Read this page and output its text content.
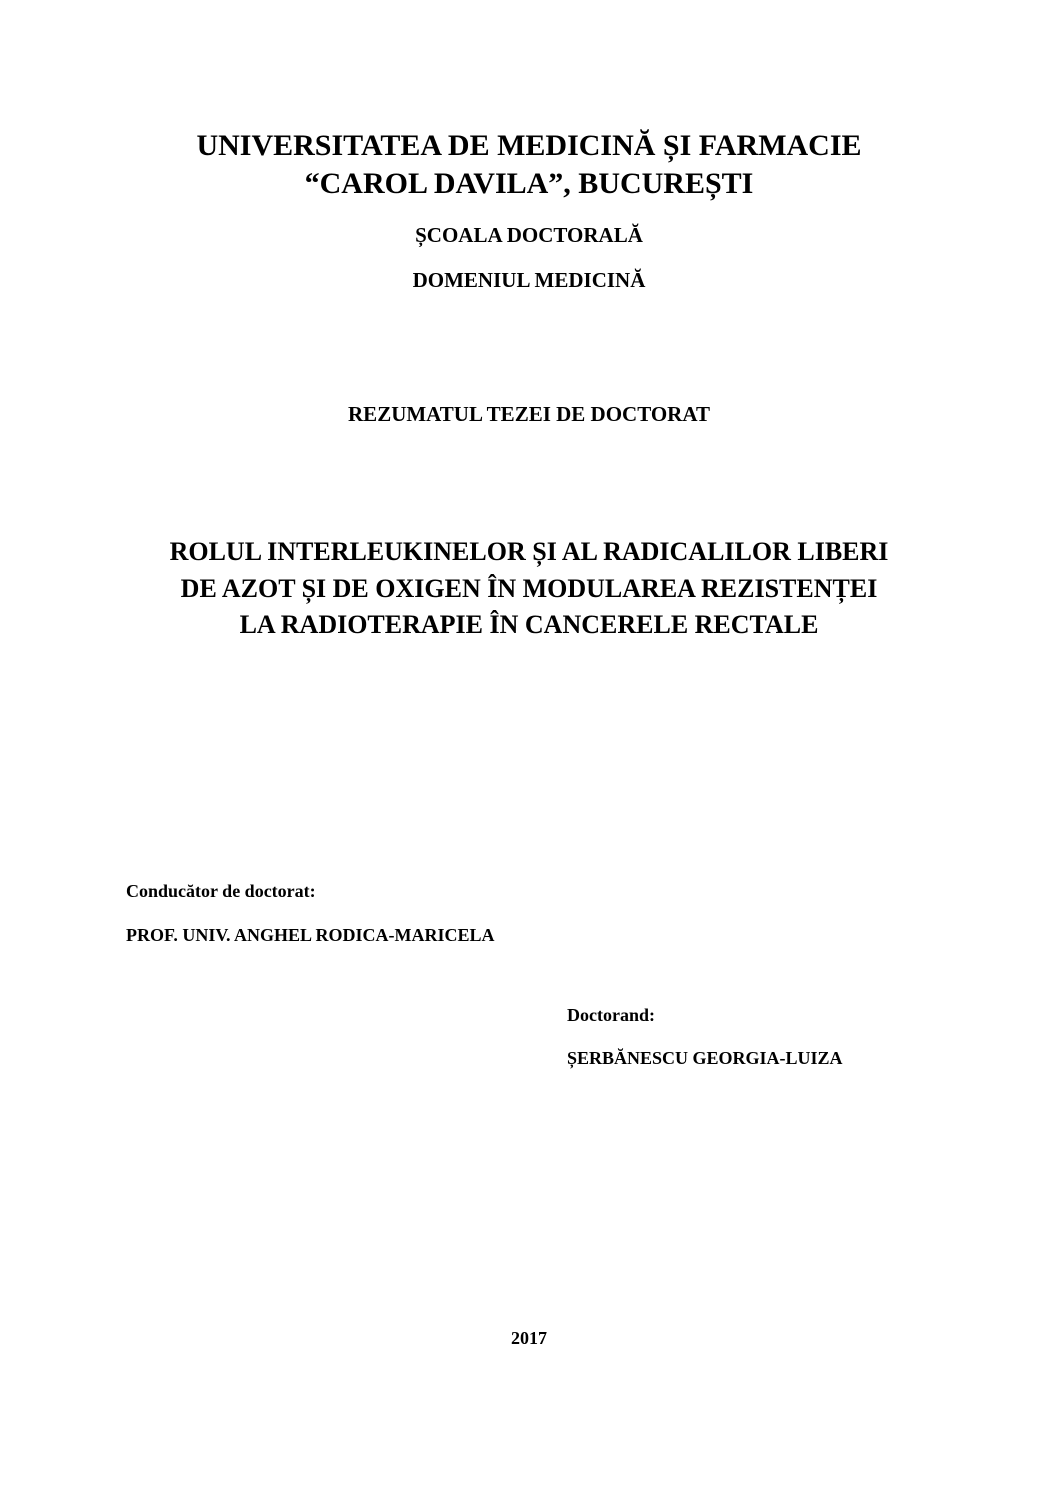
UNIVERSITATEA DE MEDICINĂ ȘI FARMACIE
“CAROL DAVILA”, BUCUREȘTI
ȘCOALA DOCTORALĂ
DOMENIUL MEDICINĂ
REZUMATUL TEZEI DE DOCTORAT
ROLUL INTERLEUKINELOR ȘI AL RADICALILOR LIBERI
DE AZOT ȘI DE OXIGEN ÎN MODULAREA REZISTENȚEI
LA RADIOTERAPIE ÎN CANCERELE RECTALE
Conducător de doctorat:
PROF. UNIV. ANGHEL RODICA-MARICELA
Doctorand:
ȘERBĂNESCU GEORGIA-LUIZA
2017
